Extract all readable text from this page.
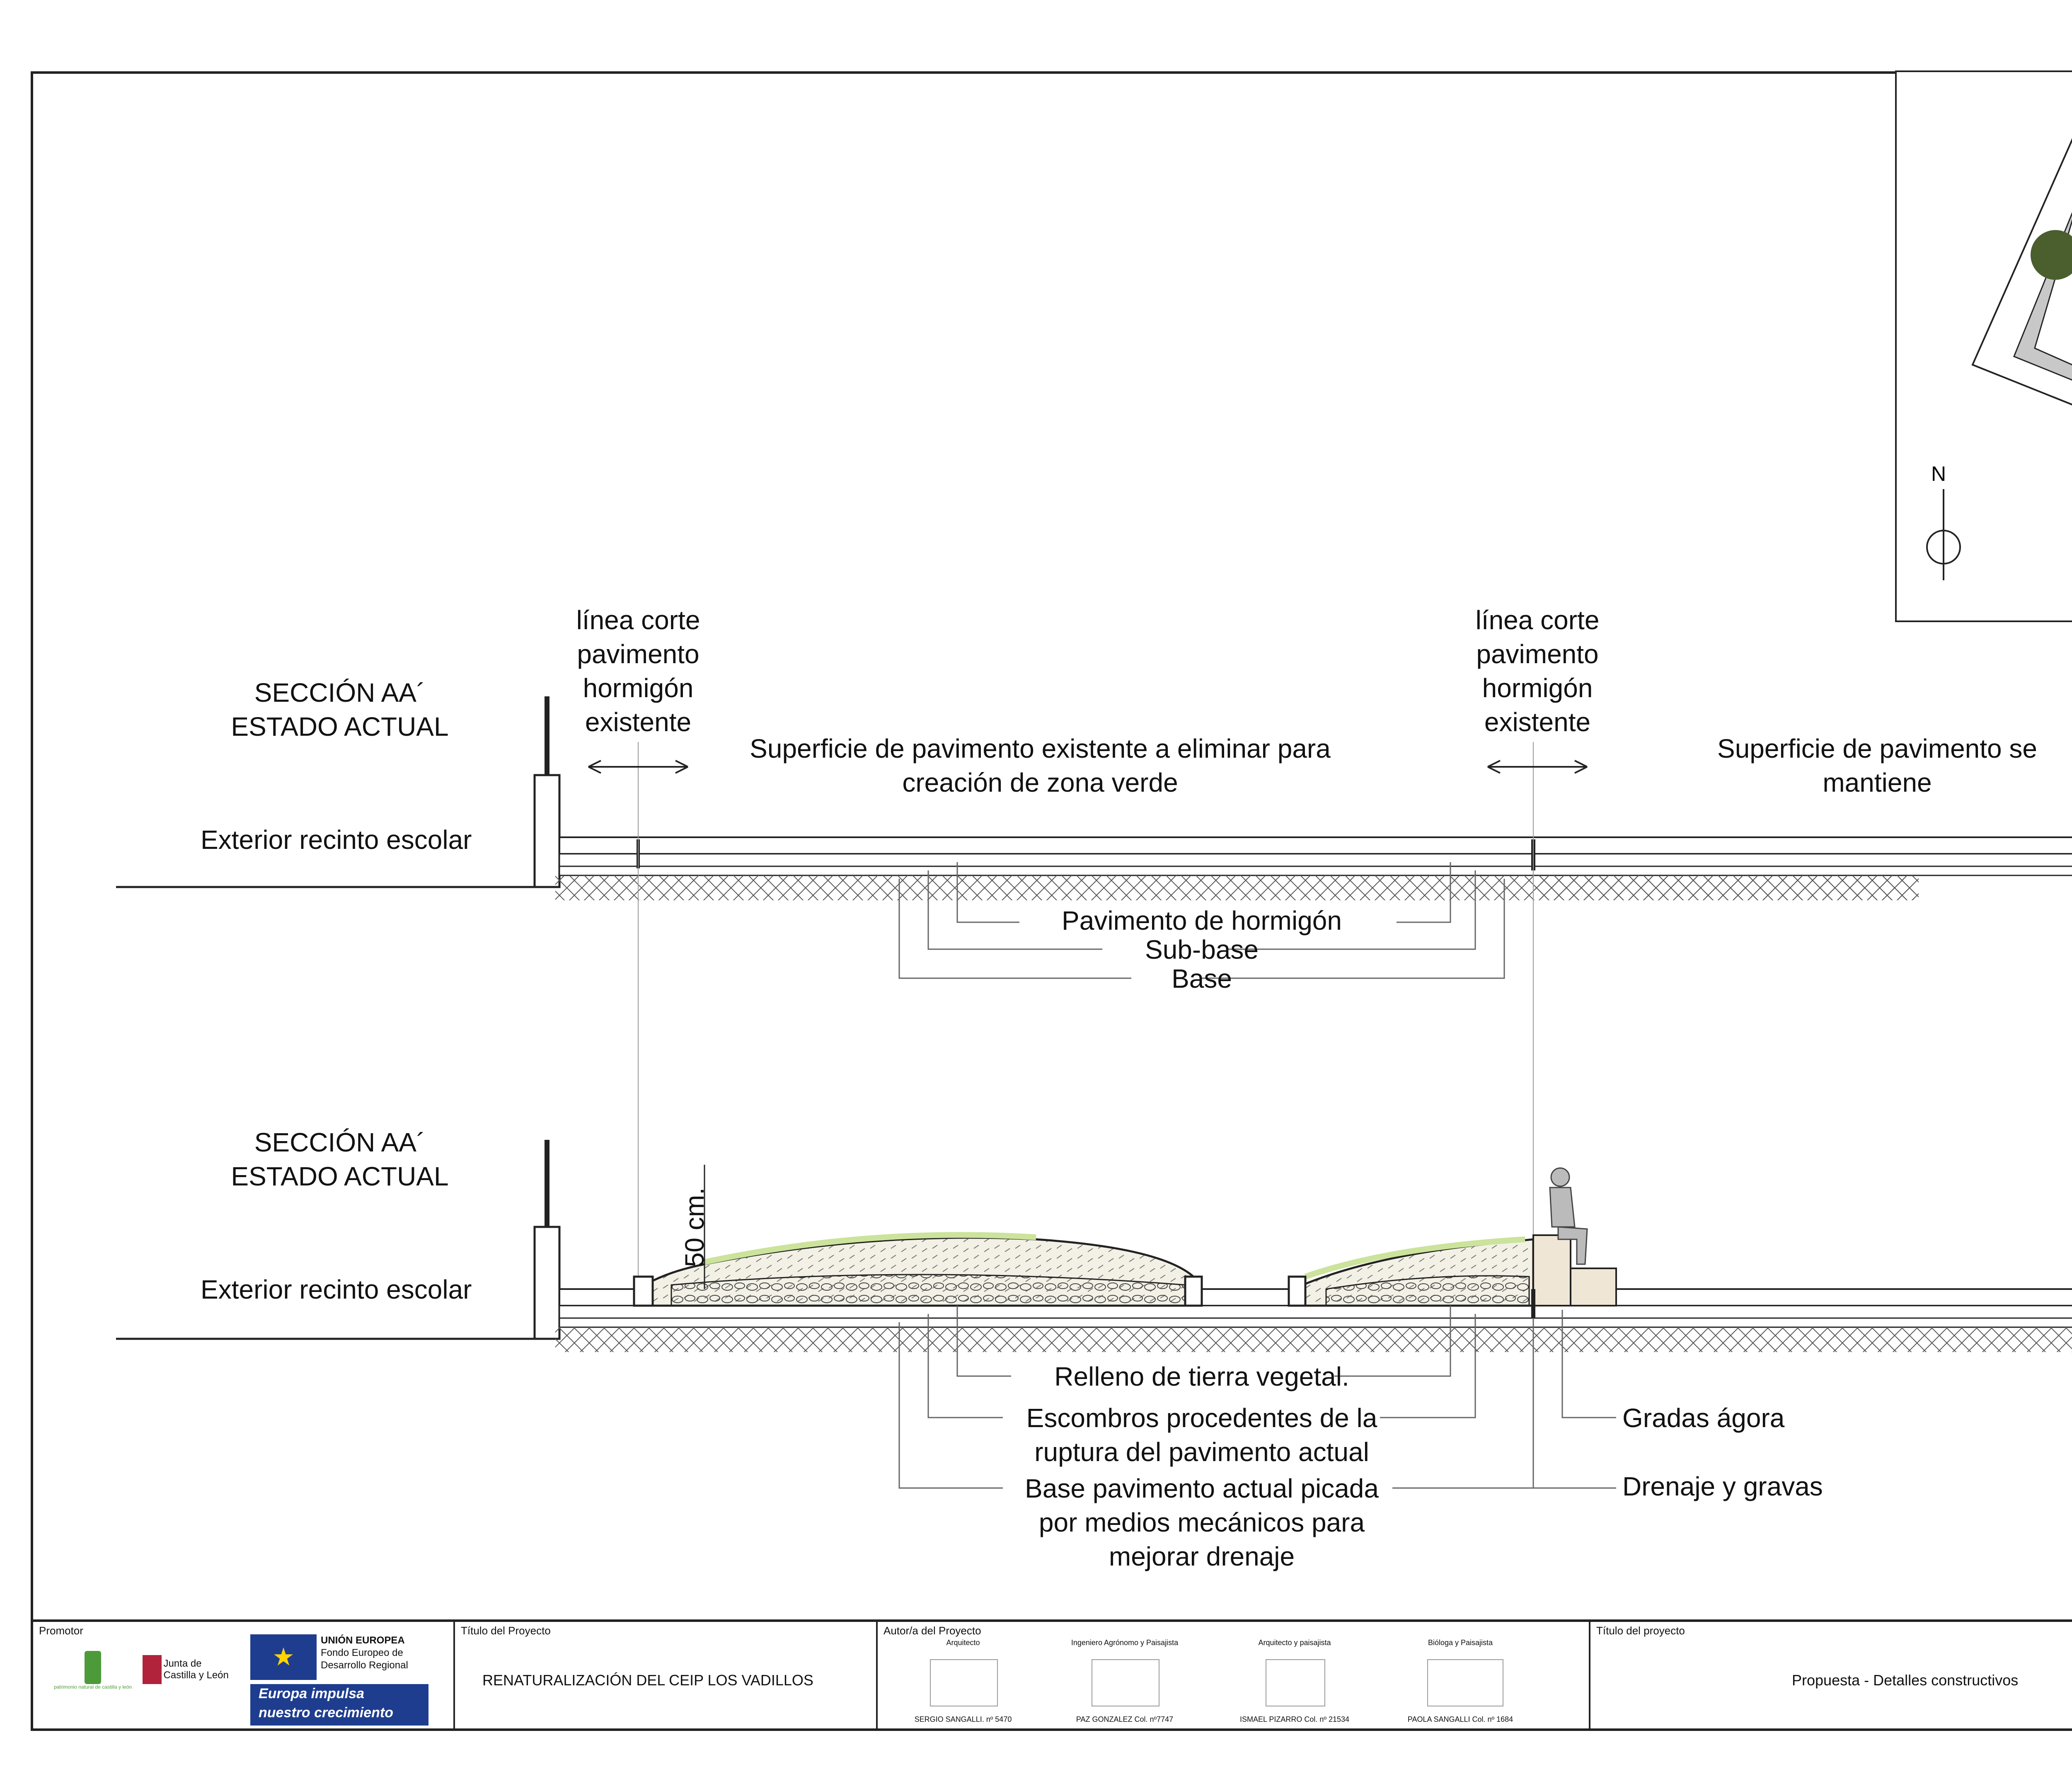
N
SECCIÓN AA´
ESTADO ACTUAL
Exterior recinto escolar
línea corte
pavimento
hormigón
existente
línea corte
pavimento
hormigón
existente
Superficie de pavimento existente a eliminar para
creación de zona verde
Superficie de pavimento se
mantiene
Pavimento de hormigón
Sub-base
Base
SECCIÓN AA´
ESTADO ACTUAL
Exterior recinto escolar
50 cm.
Relleno de tierra vegetal.
Escombros procedentes de la
ruptura del pavimento actual
Base pavimento actual picada
por medios mecánicos para
mejorar drenaje
Gradas ágora
Drenaje y gravas
Promotor
patrimonio natural de castilla y león

Junta de
Castilla y León
★
UNIÓN EUROPEA
Fondo Europeo de
Desarrollo Regional
Europa impulsa
nuestro crecimiento
Título del Proyecto
RENATURALIZACIÓN DEL CEIP LOS VADILLOS
Autor/a del Proyecto
Arquitecto	Ingeniero Agrónomo y Paisajista	Arquitecto y paisajista	Bióloga y Paisajista
SERGIO SANGALLI. nº 5470	PAZ GONZALEZ Col. nº7747	ISMAEL PIZARRO Col. nº 21534	PAOLA SANGALLI Col. nº 1684
Título del proyecto
Propuesta - Detalles constructivos
